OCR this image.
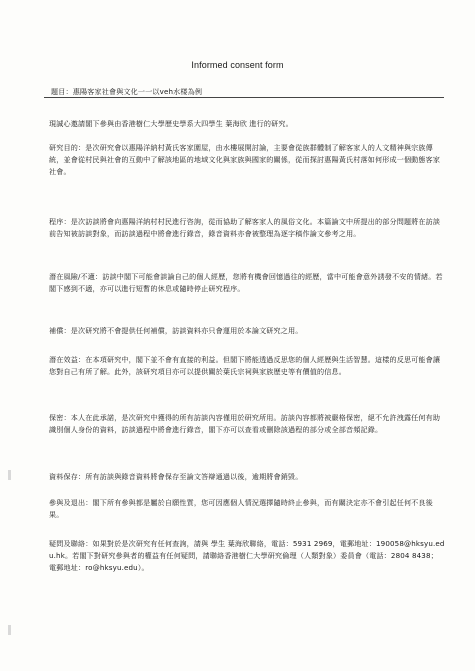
Informed consent form
題目：惠陽客家社會與文化一一以veh水楼為例
現誠心邀請閣下參與由香港樹仁大學歷史學系大四學生 葉海欣 進行的研究。
研究目的：是次研究會以惠陽洋納村黃氏客家圍屋，由水樓展開討論，主要會從族群體制了解客家人的人文精神與宗族傳統，並會從村民與社會的互動中了解該地區的地域文化與家族與國家的關係，從而探討惠陽黃氏村落如何形成一個動態客家社會。
程序：是次訪談將會向惠陽洋納村村民進行咨詢，從而協助了解客家人的風俗文化。本篇論文中所提出的部分問題將在訪談前告知被訪談對象，而訪談過程中將會進行錄音，錄音資料亦會被整理為逐字稿作論文參考之用。
潛在風險/不適：訪談中閣下可能會談論自己的個人經歷，您將有機會回憶過往的經歷，當中可能會意外誘發不安的情緒。若閣下感到不適，亦可以進行短暫的休息或隨時停止研究程序。
補償：是次研究將不會提供任何補償，訪談資料亦只會運用於本論文研究之用。
潛在效益：在本項研究中，閣下並不會有直接的利益。但閣下將能透過反思您的個人經歷與生活智慧。這樣的反思可能會讓您對自己有所了解。此外，該研究項目亦可以提供關於葉氏宗祠與家族歷史等有價值的信息。
保密：本人在此承諾，是次研究中獲得的所有訪談內容僅用於研究所用。訪談內容都將被嚴格保密，絕不允許洩露任何有助識別個人身份的資料，訪談過程中將會進行錄音，閣下亦可以查看或刪除該過程的部分或全部音頻記錄。
資料保存：所有訪談與錄音資料將會保存至論文答辯通過以後，逾期將會銷毀。
參與及退出：閣下所有參與都是屬於自願性質，您可因應個人情況選擇隨時終止參與，而有關決定亦不會引起任何不良後果。
疑問及聯絡：如果對於是次研究有任何查詢，請與 學生 葉海欣聯絡，電話：5931 2969，電郵地址：190058@hksyu.edu.hk。若閣下對研究參與者的權益有任何疑問，請聯絡香港樹仁大學研究倫理（人類對象）委員會（電話：2804 8438；電郵地址：ro@hksyu.edu）。
